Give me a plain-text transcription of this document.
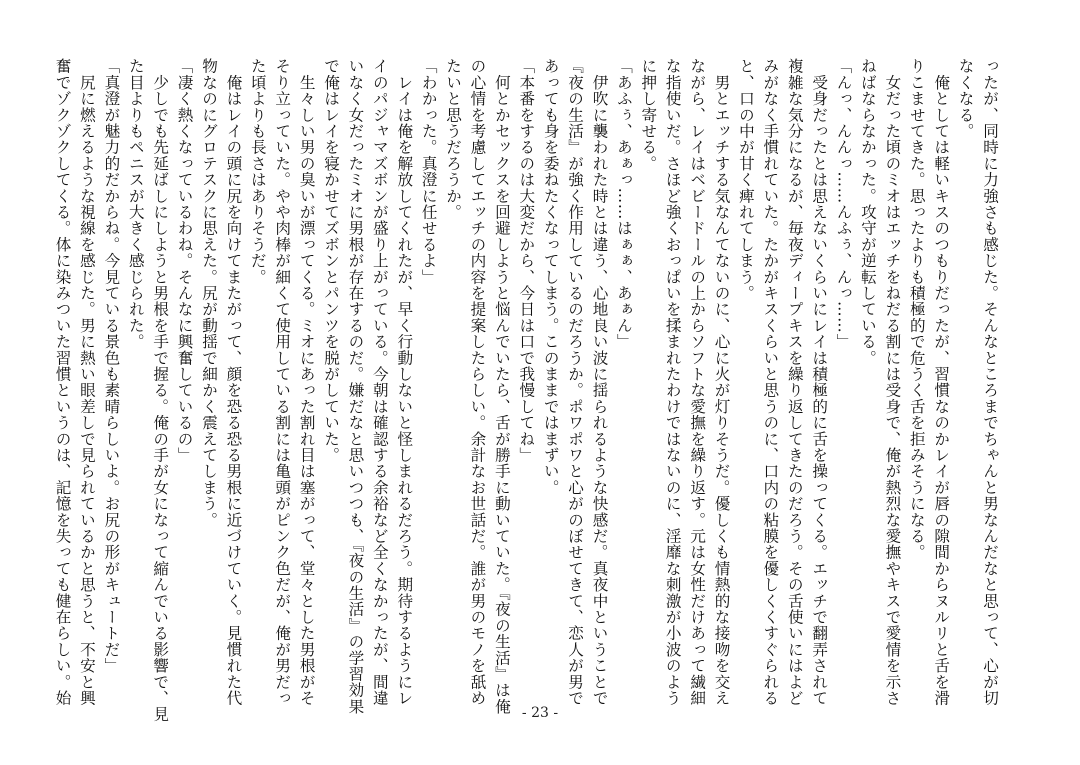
ったが、同時に力強さも感じた。そんなところまでちゃんと男なんだなと思って、心が切
なくなる。
　俺としては軽いキスのつもりだったが、習慣なのかレイが唇の隙間からヌルリと舌を滑
りこませてきた。思ったよりも積極的で危うく舌を拒みそうになる。
　女だった頃のミオはエッチをねだる割には受身で、俺が熱烈な愛撫やキスで愛情を示さ
ねばならなかった。攻守が逆転している。
「んっ、んんっ……んふぅ、んっ……」
　受身だったとは思えないくらいにレイは積極的に舌を操ってくる。エッチで翻弄されて
複雑な気分になるが、毎夜ディープキスを繰り返してきたのだろう。その舌使いにはよど
みがなく手慣れていた。たかがキスくらいと思うのに、口内の粘膜を優しくくすぐられる
と、口の中が甘く痺れてしまう。
　男とエッチする気なんてないのに、心に火が灯りそうだ。優しくも情熱的な接吻を交え
ながら、レイはベビードールの上からソフトな愛撫を繰り返す。元は女性だけあって繊細
な指使いだ。さほど強くおっぱいを揉まれたわけではないのに、淫靡な刺激が小波のよう
に押し寄せる。
「あふぅ、あぁっ……はぁぁ、あぁん」
　伊吹に襲われた時とは違う、心地良い波に揺られるような快感だ。真夜中ということで
『夜の生活』が強く作用しているのだろうか。ポワポワと心がのぼせてきて、恋人が男で
あっても身を委ねたくなってしまう。このままではまずい。
「本番をするのは大変だから、今日は口で我慢してね」
　何とかセックスを回避しようと悩んでいたら、舌が勝手に動いていた。『夜の生活』は俺
の心情を考慮してエッチの内容を提案したらしい。余計なお世話だ。誰が男のモノを舐め
たいと思うだろうか。
「わかった。真澄に任せるよ」
　レイは俺を解放してくれたが、早く行動しないと怪しまれるだろう。期待するようにレ
イのパジャマズボンが盛り上がっている。今朝は確認する余裕など全くなかったが、間違
いなく女だったミオに男根が存在するのだ。嫌だなと思いつつも、『夜の生活』の学習効果
で俺はレイを寝かせてズボンとパンツを脱がしていた。
　生々しい男の臭いが漂ってくる。ミオにあった割れ目は塞がって、堂々とした男根がそ
そり立っていた。やや肉棒が細くて使用している割には亀頭がピンク色だが、俺が男だっ
た頃よりも長さはありそうだ。
　俺はレイの頭に尻を向けてまたがって、顔を恐る恐る男根に近づけていく。見慣れた代
物なのにグロテスクに思えた。尻が動揺で細かく震えてしまう。
「凄く熱くなっているわね。そんなに興奮しているの」
　少しでも先延ばしにしようと男根を手で握る。俺の手が女になって縮んでいる影響で、見
た目よりもペニスが大きく感じられた。
「真澄が魅力的だからね。今見ている景色も素晴らしいよ。お尻の形がキュートだ」
　尻に燃えるような視線を感じた。男に熱い眼差しで見られているかと思うと、不安と興
奮でゾクゾクしてくる。体に染みついた習慣というのは、記憶を失っても健在らしい。始
- 23 -
